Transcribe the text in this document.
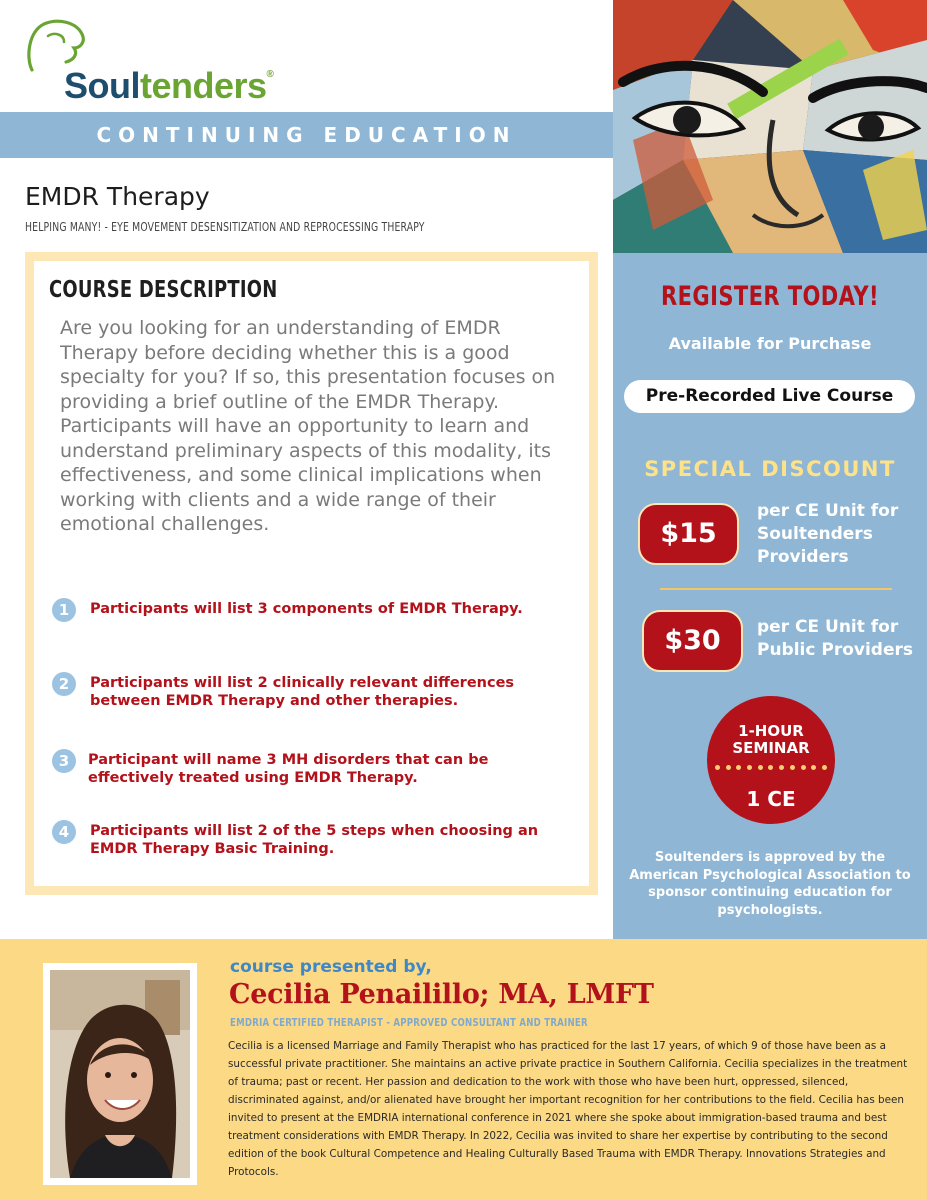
Soultenders®
CONTINUING EDUCATION
EMDR Therapy
HELPING MANY! - EYE MOVEMENT DESENSITIZATION AND REPROCESSING THERAPY
COURSE DESCRIPTION
Are you looking for an understanding of EMDR Therapy before deciding whether this is a good specialty for you? If so, this presentation focuses on providing a brief outline of the EMDR Therapy. Participants will have an opportunity to learn and understand preliminary aspects of this modality, its effectiveness, and some clinical implications when working with clients and a wide range of their emotional challenges.
1	Participants will list 3 components of EMDR Therapy.
2	Participants will list 2 clinically relevant differences between EMDR Therapy and other therapies.
3	Participant will name 3 MH disorders that can be effectively treated using EMDR Therapy.
4	Participants will list 2 of the 5 steps when choosing an EMDR Therapy Basic Training.
REGISTER TODAY!
Available for Purchase
Pre-Recorded Live Course
SPECIAL DISCOUNT
$15
per CE Unit for Soultenders Providers
$30	per CE Unit for Public Providers
1-HOUR SEMINAR
1 CE
Soultenders is approved by the American Psychological Association to sponsor continuing education for psychologists.
course presented by,
Cecilia Penailillo; MA, LMFT
EMDRIA CERTIFIED THERAPIST - APPROVED CONSULTANT AND TRAINER
Cecilia is a licensed Marriage and Family Therapist who has practiced for the last 17 years, of which 9 of those have been as a successful private practitioner. She maintains an active private practice in Southern California. Cecilia specializes in the treatment of trauma; past or recent. Her passion and dedication to the work with those who have been hurt, oppressed, silenced, discriminated against, and/or alienated have brought her important recognition for her contributions to the field. Cecilia has been invited to present at the EMDRIA international conference in 2021 where she spoke about immigration-based trauma and best treatment considerations with EMDR Therapy. In 2022, Cecilia was invited to share her expertise by contributing to the second edition of the book Cultural Competence and Healing Culturally Based Trauma with EMDR Therapy. Innovations Strategies and Protocols.
